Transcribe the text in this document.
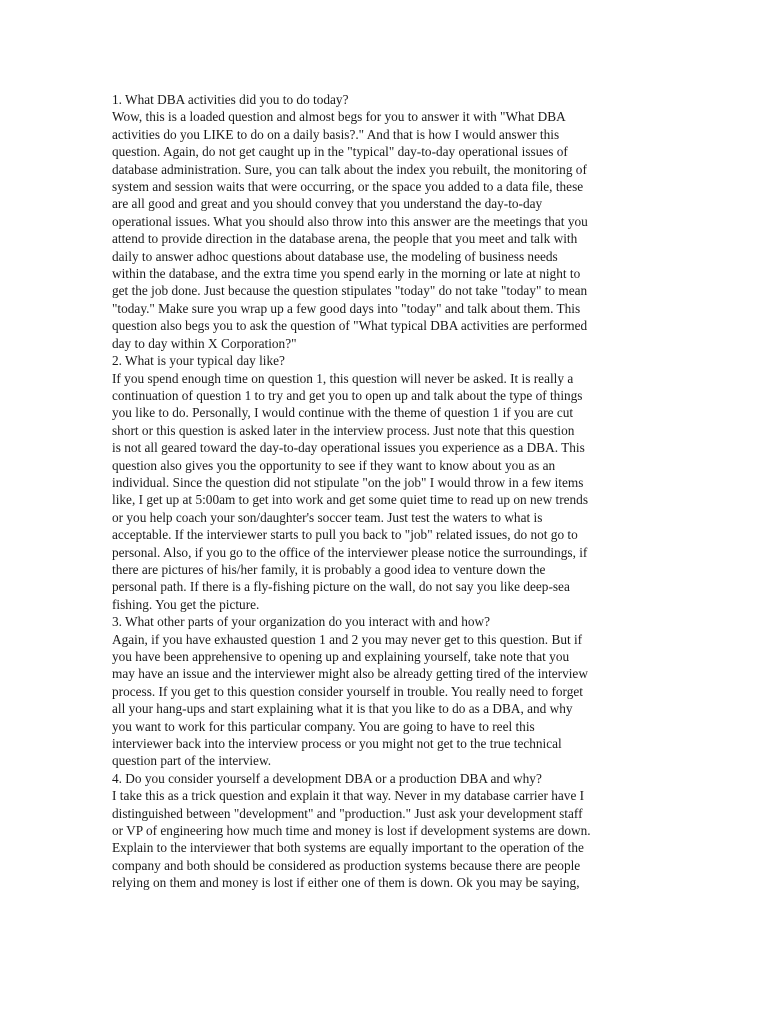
1. What DBA activities did you to do today?
Wow, this is a loaded question and almost begs for you to answer it with "What DBA
activities do you LIKE to do on a daily basis?." And that is how I would answer this
question. Again, do not get caught up in the "typical" day-to-day operational issues of
database administration. Sure, you can talk about the index you rebuilt, the monitoring of
system and session waits that were occurring, or the space you added to a data file, these
are all good and great and you should convey that you understand the day-to-day
operational issues. What you should also throw into this answer are the meetings that you
attend to provide direction in the database arena, the people that you meet and talk with
daily to answer adhoc questions about database use, the modeling of business needs
within the database, and the extra time you spend early in the morning or late at night to
get the job done. Just because the question stipulates "today" do not take "today" to mean
"today." Make sure you wrap up a few good days into "today" and talk about them. This
question also begs you to ask the question of "What typical DBA activities are performed
day to day within X Corporation?"
2. What is your typical day like?
If you spend enough time on question 1, this question will never be asked. It is really a
continuation of question 1 to try and get you to open up and talk about the type of things
you like to do. Personally, I would continue with the theme of question 1 if you are cut
short or this question is asked later in the interview process. Just note that this question
is not all geared toward the day-to-day operational issues you experience as a DBA. This
question also gives you the opportunity to see if they want to know about you as an
individual. Since the question did not stipulate "on the job" I would throw in a few items
like, I get up at 5:00am to get into work and get some quiet time to read up on new trends
or you help coach your son/daughter's soccer team. Just test the waters to what is
acceptable. If the interviewer starts to pull you back to "job" related issues, do not go to
personal. Also, if you go to the office of the interviewer please notice the surroundings, if
there are pictures of his/her family, it is probably a good idea to venture down the
personal path. If there is a fly-fishing picture on the wall, do not say you like deep-sea
fishing. You get the picture.
3. What other parts of your organization do you interact with and how?
Again, if you have exhausted question 1 and 2 you may never get to this question. But if
you have been apprehensive to opening up and explaining yourself, take note that you
may have an issue and the interviewer might also be already getting tired of the interview
process. If you get to this question consider yourself in trouble. You really need to forget
all your hang-ups and start explaining what it is that you like to do as a DBA, and why
you want to work for this particular company. You are going to have to reel this
interviewer back into the interview process or you might not get to the true technical
question part of the interview.
4. Do you consider yourself a development DBA or a production DBA and why?
I take this as a trick question and explain it that way. Never in my database carrier have I
distinguished between "development" and "production." Just ask your development staff
or VP of engineering how much time and money is lost if development systems are down.
Explain to the interviewer that both systems are equally important to the operation of the
company and both should be considered as production systems because there are people
relying on them and money is lost if either one of them is down. Ok you may be saying,
